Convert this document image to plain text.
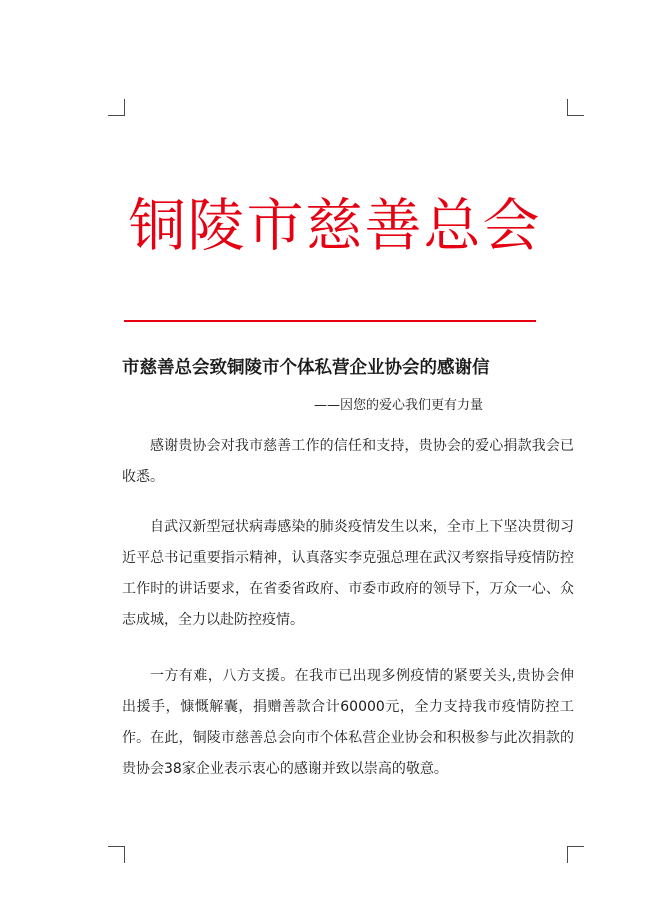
铜陵市慈善总会
市慈善总会致铜陵市个体私营企业协会的感谢信
——因您的爱心我们更有力量

感谢贵协会对我市慈善工作的信任和支持，贵协会的爱心捐款我会已收悉。

自武汉新型冠状病毒感染的肺炎疫情发生以来，全市上下坚决贯彻习近平总书记重要指示精神，认真落实李克强总理在武汉考察指导疫情防控工作时的讲话要求，在省委省政府、市委市政府的领导下，万众一心、众志成城，全力以赴防控疫情。

一方有难，八方支援。在我市已出现多例疫情的紧要关头,贵协会伸出援手，慷慨解囊，捐赠善款合计60000元，全力支持我市疫情防控工作。在此，铜陵市慈善总会向市个体私营企业协会和积极参与此次捐款的贵协会38家企业表示衷心的感谢并致以崇高的敬意。
